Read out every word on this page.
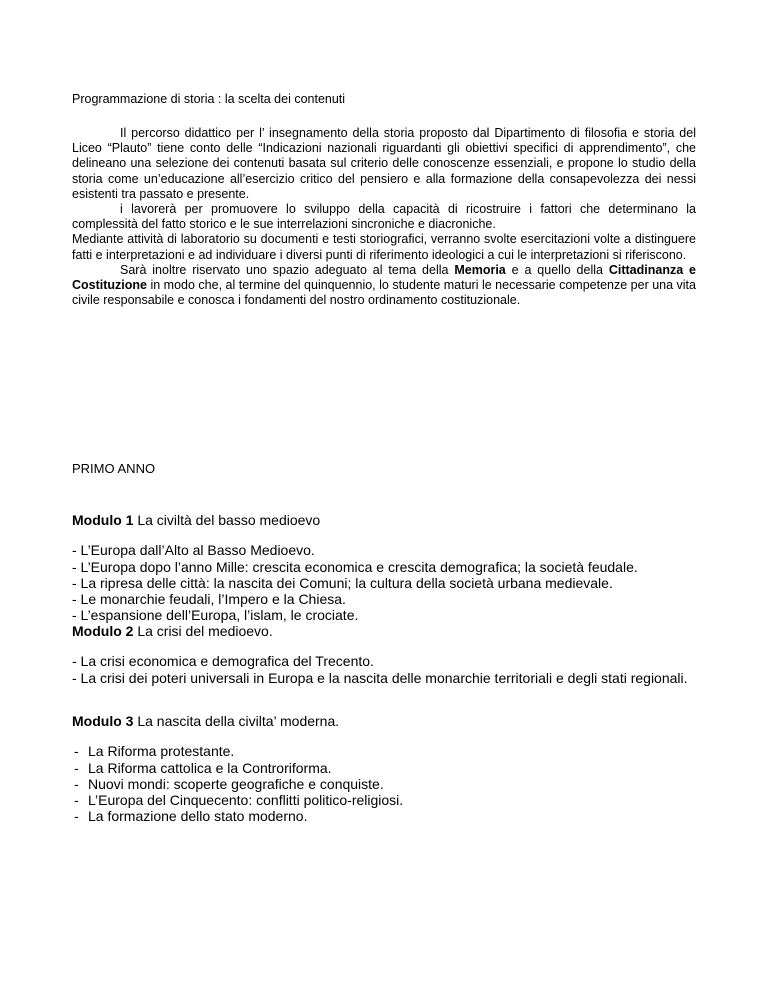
Programmazione di storia : la scelta dei contenuti

Il percorso didattico per l’ insegnamento della storia proposto dal Dipartimento di filosofia e storia del Liceo “Plauto” tiene conto delle “Indicazioni nazionali riguardanti gli obiettivi specifici di apprendimento”, che delineano una selezione dei contenuti basata sul criterio delle conoscenze essenziali, e propone lo studio della storia come un’educazione all’esercizio critico del pensiero e alla formazione della consapevolezza dei nessi esistenti tra passato e presente.

i lavorerà per promuovere lo sviluppo della capacità di ricostruire i fattori che determinano la complessità del fatto storico e le sue interrelazioni sincroniche e diacroniche.

Mediante attività di laboratorio su documenti e testi storiografici, verranno svolte esercitazioni volte a distinguere fatti e interpretazioni e ad individuare i diversi punti di riferimento ideologici a cui le interpretazioni si riferiscono.

Sarà inoltre riservato uno spazio adeguato al tema della Memoria e a quello della Cittadinanza e Costituzione in modo che, al termine del quinquennio, lo studente maturi le necessarie competenze per una vita civile responsabile e conosca i fondamenti del nostro ordinamento costituzionale.

PRIMO ANNO

Modulo 1 La civiltà del basso medioevo

- L’Europa dall’Alto al Basso Medioevo.
- L’Europa dopo l’anno Mille: crescita economica e crescita demografica; la società feudale.
- La ripresa delle città: la nascita dei Comuni; la cultura della società urbana medievale.
- Le monarchie feudali, l’Impero e la Chiesa.
- L’espansione dell’Europa, l’islam, le crociate.

Modulo 2 La crisi del medioevo.

- La crisi economica e demografica del Trecento.
- La crisi dei poteri universali in Europa e la nascita delle monarchie territoriali e degli stati regionali.

Modulo 3 La nascita della civilta’ moderna.

- La Riforma protestante.
- La Riforma cattolica e la Controriforma.
- Nuovi mondi: scoperte geografiche e conquiste.
- L’Europa del Cinquecento: conflitti politico-religiosi.
- La formazione dello stato moderno.
